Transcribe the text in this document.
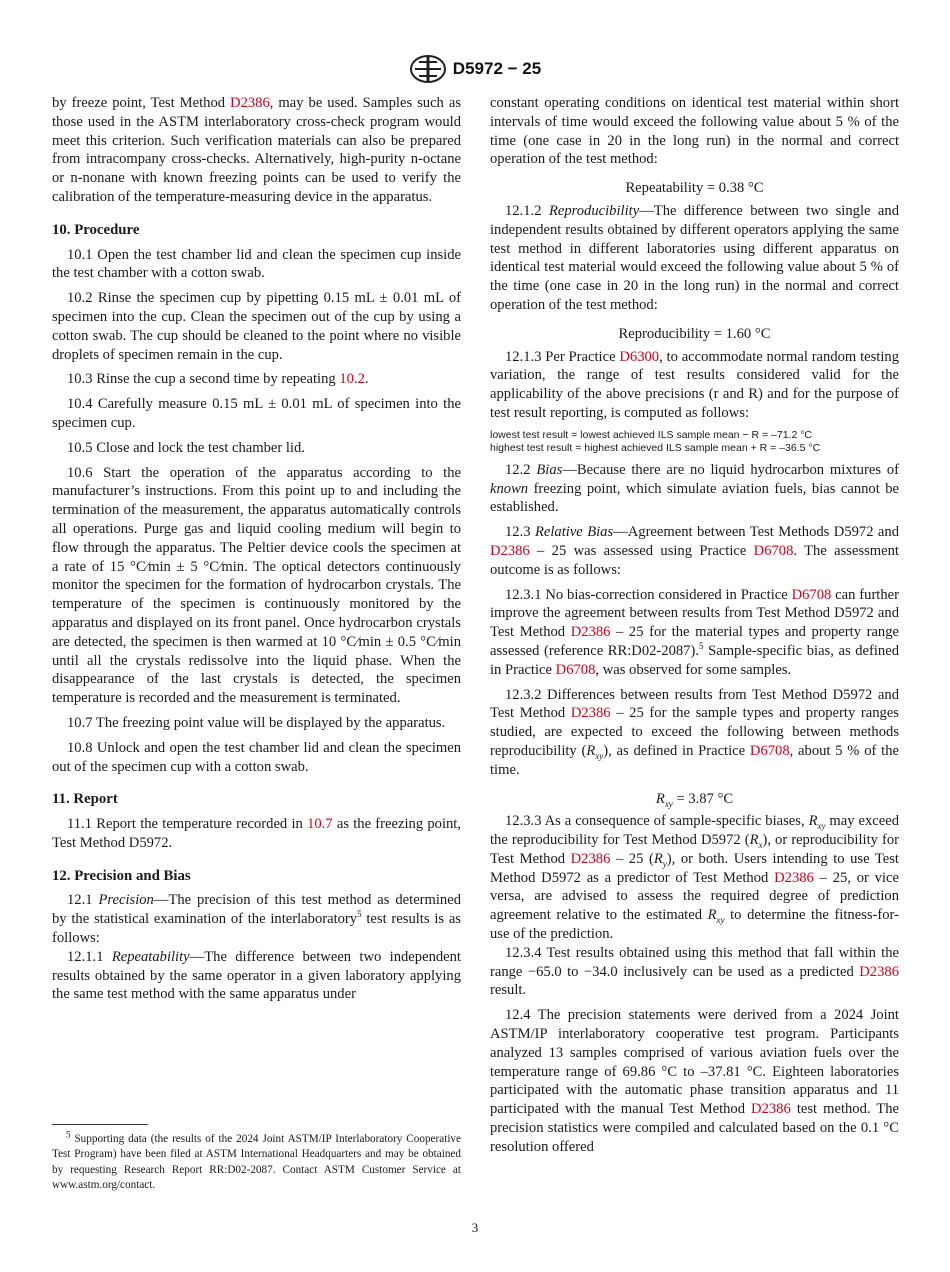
D5972 − 25

by freeze point, Test Method D2386, may be used. Samples such as those used in the ASTM interlaboratory cross-check program would meet this criterion. Such verification materials can also be prepared from intracompany cross-checks. Alternatively, high-purity n-octane or n-nonane with known freezing points can be used to verify the calibration of the temperature-measuring device in the apparatus.

10. Procedure

10.1 Open the test chamber lid and clean the specimen cup inside the test chamber with a cotton swab.

10.2 Rinse the specimen cup by pipetting 0.15 mL ± 0.01 mL of specimen into the cup. Clean the specimen out of the cup by using a cotton swab. The cup should be cleaned to the point where no visible droplets of specimen remain in the cup.

10.3 Rinse the cup a second time by repeating 10.2.

10.4 Carefully measure 0.15 mL ± 0.01 mL of specimen into the specimen cup.

10.5 Close and lock the test chamber lid.

10.6 Start the operation of the apparatus according to the manufacturer’s instructions. From this point up to and including the termination of the measurement, the apparatus automatically controls all operations. Purge gas and liquid cooling medium will begin to flow through the apparatus. The Peltier device cools the specimen at a rate of 15 °C⁄min ± 5 °C⁄min. The optical detectors continuously monitor the specimen for the formation of hydrocarbon crystals. The temperature of the specimen is continuously monitored by the apparatus and displayed on its front panel. Once hydrocarbon crystals are detected, the specimen is then warmed at 10 °C⁄min ± 0.5 °C⁄min until all the crystals redissolve into the liquid phase. When the disappearance of the last crystals is detected, the specimen temperature is recorded and the measurement is terminated.

10.7 The freezing point value will be displayed by the apparatus.

10.8 Unlock and open the test chamber lid and clean the specimen out of the specimen cup with a cotton swab.

11. Report

11.1 Report the temperature recorded in 10.7 as the freezing point, Test Method D5972.

12. Precision and Bias

12.1 Precision—The precision of this test method as determined by the statistical examination of the interlaboratory$^5$ test results is as follows:

12.1.1 Repeatability—The difference between two independent results obtained by the same operator in a given laboratory applying the same test method with the same apparatus under

$^5$ Supporting data (the results of the 2024 Joint ASTM/IP Interlaboratory Cooperative Test Program) have been filed at ASTM International Headquarters and may be obtained by requesting Research Report RR:D02-2087. Contact ASTM Customer Service at www.astm.org/contact.

constant operating conditions on identical test material within short intervals of time would exceed the following value about 5 % of the time (one case in 20 in the long run) in the normal and correct operation of the test method:

Repeatability = 0.38 °C

12.1.2 Reproducibility—The difference between two single and independent results obtained by different operators applying the same test method in different laboratories using different apparatus on identical test material would exceed the following value about 5 % of the time (one case in 20 in the long run) in the normal and correct operation of the test method:

Reproducibility = 1.60 °C

12.1.3 Per Practice D6300, to accommodate normal random testing variation, the range of test results considered valid for the applicability of the above precisions (r and R) and for the purpose of test result reporting, is computed as follows:

lowest test result = lowest achieved ILS sample mean − R = –71.2 °C

highest test result = highest achieved ILS sample mean + R = –36.5 °C

12.2 Bias—Because there are no liquid hydrocarbon mixtures of known freezing point, which simulate aviation fuels, bias cannot be established.

12.3 Relative Bias—Agreement between Test Methods D5972 and D2386 – 25 was assessed using Practice D6708. The assessment outcome is as follows:

12.3.1 No bias-correction considered in Practice D6708 can further improve the agreement between results from Test Method D5972 and Test Method D2386 – 25 for the material types and property range assessed (reference RR:D02-2087).$^5$ Sample-specific bias, as defined in Practice D6708, was observed for some samples.

12.3.2 Differences between results from Test Method D5972 and Test Method D2386 – 25 for the sample types and property ranges studied, are expected to exceed the following between methods reproducibility $(R_{xy})$, as defined in Practice D6708, about 5 % of the time.

$R_{xy} = 3.87$ °C

12.3.3 As a consequence of sample-specific biases, $R_{xy}$ may exceed the reproducibility for Test Method D5972 $(R_x)$, or reproducibility for Test Method D2386 – 25 $(R_y)$, or both. Users intending to use Test Method D5972 as a predictor of Test Method D2386 – 25, or vice versa, are advised to assess the required degree of prediction agreement relative to the estimated $R_{xy}$ to determine the fitness-for-use of the prediction.

12.3.4 Test results obtained using this method that fall within the range −65.0 to −34.0 inclusively can be used as a predicted D2386 result.

12.4 The precision statements were derived from a 2024 Joint ASTM/IP interlaboratory cooperative test program. Participants analyzed 13 samples comprised of various aviation fuels over the temperature range of 69.86 °C to –37.81 °C. Eighteen laboratories participated with the automatic phase transition apparatus and 11 participated with the manual Test Method D2386 test method. The precision statistics were compiled and calculated based on the 0.1 °C resolution offered

3
